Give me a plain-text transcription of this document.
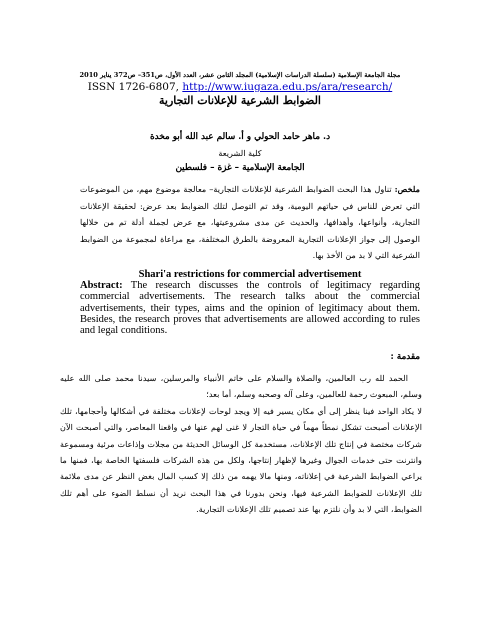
مجلة الجامعة الإسلامية (سلسلة الدراسات الإسلامية) المجلد الثامن عشر، العدد الأول، ص351– ص372 يناير 2010
ISSN 1726-6807, http://www.iugaza.edu.ps/ara/research/
الضوابط الشرعية للإعلانات التجارية
د. ماهر حامد الحولي و أ. سالم عبد الله أبو مخدة
كلية الشريعة
الجامعة الإسلامية – غزة – فلسطين
ملخص: تناول هذا البحث الضوابط الشرعية للإعلانات التجارية– معالجة موضوع مهم، من الموضوعات التي تعرض للناس في حياتهم اليومية، وقد تم التوصل لتلك الضوابط بعد عرض: لحقيقة الإعلانات التجارية، وأنواعها، وأهدافها، والحديث عن مدى مشروعيتها، مع عرض لجملة أدلة تم من خلالها الوصول إلى جواز الإعلانات التجارية المعروضة بالطرق المختلفة، مع مراعاة لمجموعة من الضوابط الشرعية التي لا بد من الأخذ بها.
Shari'a restrictions for commercial advertisement
Abstract: The research discusses the controls of legitimacy regarding commercial advertisements. The research talks about the commercial advertisements, their types, aims and the opinion of legitimacy about them. Besides, the research proves that advertisements are allowed according to rules and legal conditions.
مقدمة :

الحمد لله رب العالمين، والصلاة والسلام على خاتم الأنبياء والمرسلين، سيدنا محمد صلى الله عليه وسلم، المبعوث رحمة للعالمين، وعلى آله وصحبه وسلم، أما بعد؛

لا يكاد الواحد فينا ينظر إلى أي مكان يسير فيه إلا ويجد لوحات لإعلانات مختلفة في أشكالها وأحجامها، تلك الإعلانات أصبحت تشكل نمطاً مهماً في حياة التجار لا غنى لهم عنها في واقعنا المعاصر، والتي أصبحت الآن شركات مختصة في إنتاج تلك الإعلانات، مستخدمة كل الوسائل الحديثة من مجلات وإذاعات مرئية ومسموعة وانترنت حتى خدمات الجوال وغيرها لإظهار إنتاجها، ولكل من هذه الشركات فلسفتها الخاصة بها، فمنها ما يراعي الضوابط الشرعية في إعلاناته، ومنها مالا يهمه من ذلك إلا كسب المال بغض النظر عن مدى ملائمة تلك الإعلانات للضوابط الشرعية فيها، ونحن بدورنا في هذا البحث نريد أن نسلط الضوء على أهم تلك الضوابط، التي لا بد وأن نلتزم بها عند تصميم تلك الإعلانات التجارية.
